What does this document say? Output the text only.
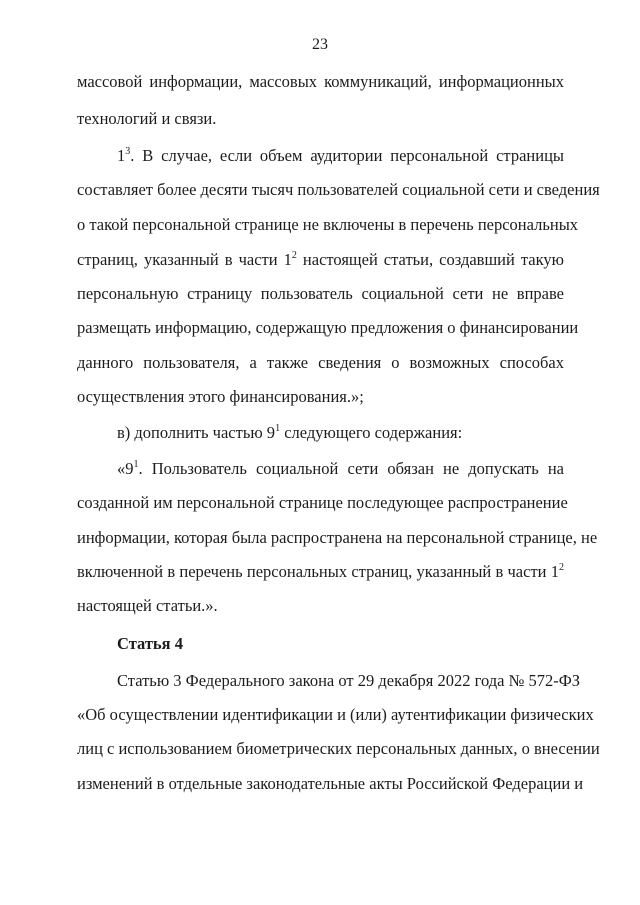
23
массовой информации, массовых коммуникаций, информационных
технологий и связи.
$1^3$. В случае, если объем аудитории персональной страницы
составляет более десяти тысяч пользователей социальной сети и сведения
о такой персональной странице не включены в перечень персональных
страниц, указанный в части $1^2$ настоящей статьи, создавший такую
персональную страницу пользователь социальной сети не вправе
размещать информацию, содержащую предложения о финансировании
данного пользователя, а также сведения о возможных способах
осуществления этого финансирования.»;
в) дополнить частью $9^1$ следующего содержания:
«$9^1$. Пользователь социальной сети обязан не допускать на
созданной им персональной странице последующее распространение
информации, которая была распространена на персональной странице, не
включенной в перечень персональных страниц, указанный в части $1^2$
настоящей статьи.».
Статья 4
Статью 3 Федерального закона от 29 декабря 2022 года № 572-ФЗ
«Об осуществлении идентификации и (или) аутентификации физических
лиц с использованием биометрических персональных данных, о внесении
изменений в отдельные законодательные акты Российской Федерации и
